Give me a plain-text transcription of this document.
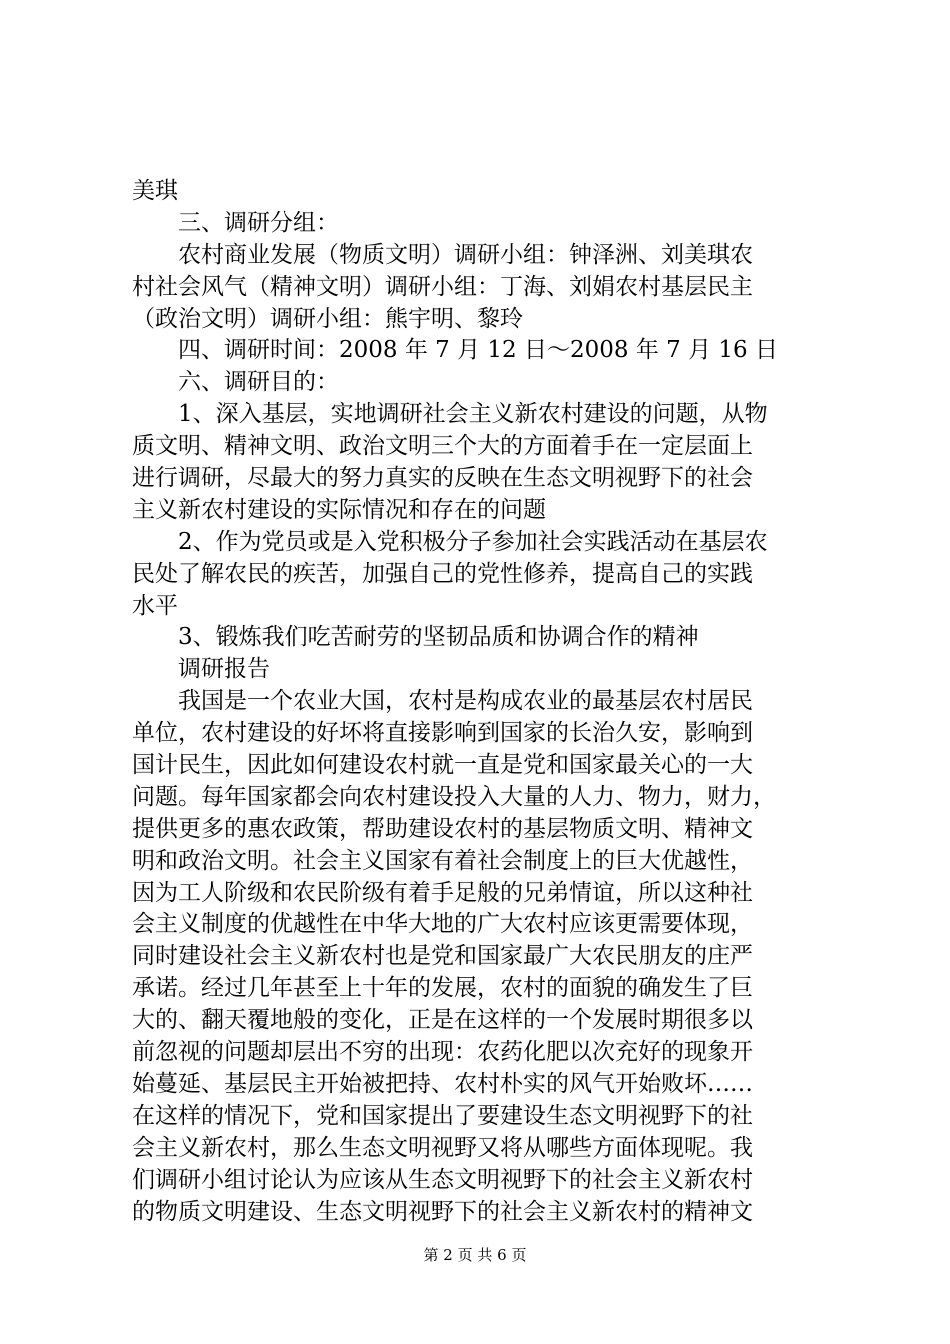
美琪
　　三、调研分组：
　　农村商业发展（物质文明）调研小组：钟泽洲、刘美琪农
村社会风气（精神文明）调研小组：丁海、刘娟农村基层民主
（政治文明）调研小组：熊宇明、黎玲
　　四、调研时间：2008 年 7 月 12 日～2008 年 7 月 16 日
　　六、调研目的：
　　1、深入基层，实地调研社会主义新农村建设的问题，从物
质文明、精神文明、政治文明三个大的方面着手在一定层面上
进行调研，尽最大的努力真实的反映在生态文明视野下的社会
主义新农村建设的实际情况和存在的问题
　　2、作为党员或是入党积极分子参加社会实践活动在基层农
民处了解农民的疾苦，加强自己的党性修养，提高自己的实践
水平
　　3、锻炼我们吃苦耐劳的坚韧品质和协调合作的精神
　　调研报告
　　我国是一个农业大国，农村是构成农业的最基层农村居民
单位，农村建设的好坏将直接影响到国家的长治久安，影响到
国计民生，因此如何建设农村就一直是党和国家最关心的一大
问题。每年国家都会向农村建设投入大量的人力、物力，财力，
提供更多的惠农政策，帮助建设农村的基层物质文明、精神文
明和政治文明。社会主义国家有着社会制度上的巨大优越性，
因为工人阶级和农民阶级有着手足般的兄弟情谊，所以这种社
会主义制度的优越性在中华大地的广大农村应该更需要体现，
同时建设社会主义新农村也是党和国家最广大农民朋友的庄严
承诺。经过几年甚至上十年的发展，农村的面貌的确发生了巨
大的、翻天覆地般的变化，正是在这样的一个发展时期很多以
前忽视的问题却层出不穷的出现：农药化肥以次充好的现象开
始蔓延、基层民主开始被把持、农村朴实的风气开始败坏……
在这样的情况下，党和国家提出了要建设生态文明视野下的社
会主义新农村，那么生态文明视野又将从哪些方面体现呢。我
们调研小组讨论认为应该从生态文明视野下的社会主义新农村
的物质文明建设、生态文明视野下的社会主义新农村的精神文
第 2 页 共 6 页
